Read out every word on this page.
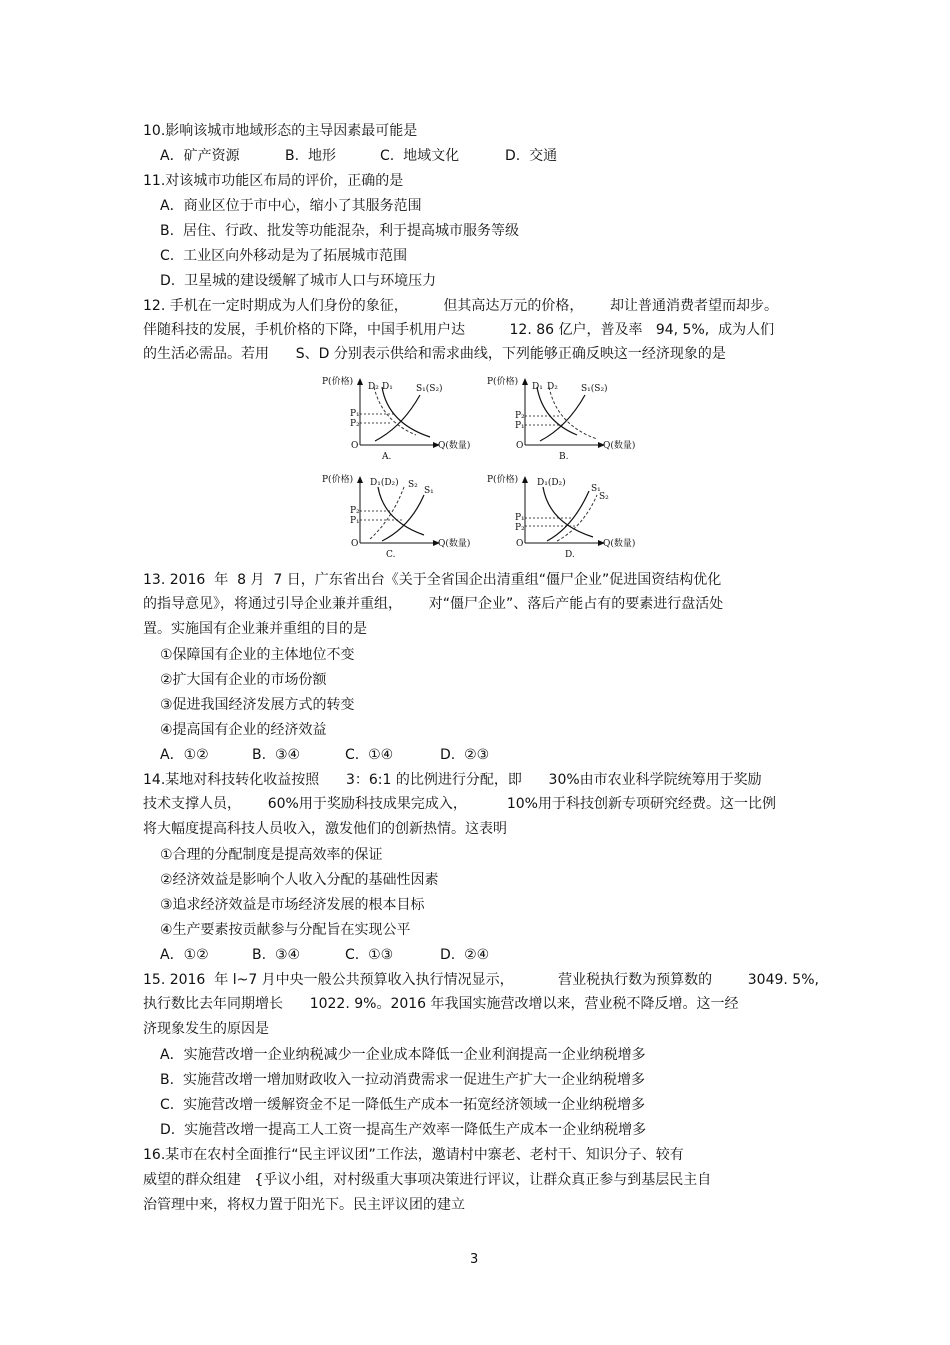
10.影响该城市地域形态的主导因素最可能是
A．矿产资源	B.  地形	C.  地域文化	D.  交通
11.对该城市功能区布局的评价，正确的是
A．商业区位于市中心，缩小了其服务范围
B.  居住、行政、批发等功能混杂，利于提高城市服务等级
C.  工业区向外移动是为了拓展城市范围
D.  卫星城的建设缓解了城市人口与环境压力
12. 手机在一定时期成为人们身份的象征，        但其高达万元的价格，      却让普通消费者望而却步。
伴随科技的发展，手机价格的下降，中国手机用户达          12. 86 亿户，普及率   94, 5%,  成为人们
的生活必需品。若用      S、D 分别表示供给和需求曲线，下列能够正确反映这一经济现象的是
P(价格) D₂ D₁	S₁(S₂)
P₁
P₂
O	Q(数量)
A.
P(价格) D₁ D₂	S₁(S₂)
P₂
P₁
O	Q(数量)
B.
P(价格) D₁(D₂) S₂
S₁
P₂
P₁
O	Q(数量)
C.
P(价格) D₁(D₂)
S₁
S₂
P₁
P₂
O	Q(数量)
D.
13. 2016  年  8 月  7 日，广东省出台《关于全省国企出清重组“僵尸企业”促进国资结构优化
的指导意见》，将通过引导企业兼并重组，      对“僵尸企业”、落后产能占有的要素进行盘活处
置。实施国有企业兼并重组的目的是
①保障国有企业的主体地位不变
②扩大国有企业的市场份额
③促进我国经济发展方式的转变
④提高国有企业的经济效益
A．①②	B.  ③④	C.  ①④	D.  ②③
14.某地对科技转化收益按照      3：6:1 的比例进行分配，即      30%由市农业科学院统筹用于奖励
技术支撑人员，      60%用于奖励科技成果完成入，         10%用于科技创新专项研究经费。这一比例
将大幅度提高科技人员收入，激发他们的创新热情。这表明
①合理的分配制度是提高效率的保证
②经济效益是影响个人收入分配的基础性因素
③追求经济效益是市场经济发展的根本目标
④生产要素按贡献参与分配旨在实现公平
A．①②	B.  ③④	C.  ①③	D.  ②④
15. 2016  年 l~7 月中央一般公共预算收入执行情况显示，          营业税执行数为预算数的        3049. 5%,
执行数比去年同期增长      1022. 9%。2016 年我国实施营改增以来，营业税不降反增。这一经
济现象发生的原因是
A．实施营改增一企业纳税减少一企业成本降低一企业利润提高一企业纳税增多
B.  实施营改增一增加财政收入一拉动消费需求一促进生产扩大一企业纳税增多
C.  实施营改增一缓解资金不足一降低生产成本一拓宽经济领域一企业纳税增多
D.  实施营改增一提高工人工资一提高生产效率一降低生产成本一企业纳税增多
16.某市在农村全面推行“民主评议团”工作法，邀请村中寨老、老村干、知识分子、较有
威望的群众组建   {乎议小组，对村级重大事项决策进行评议，让群众真正参与到基层民主自
治管理中来，将权力置于阳光下。民主评议团的建立
3
